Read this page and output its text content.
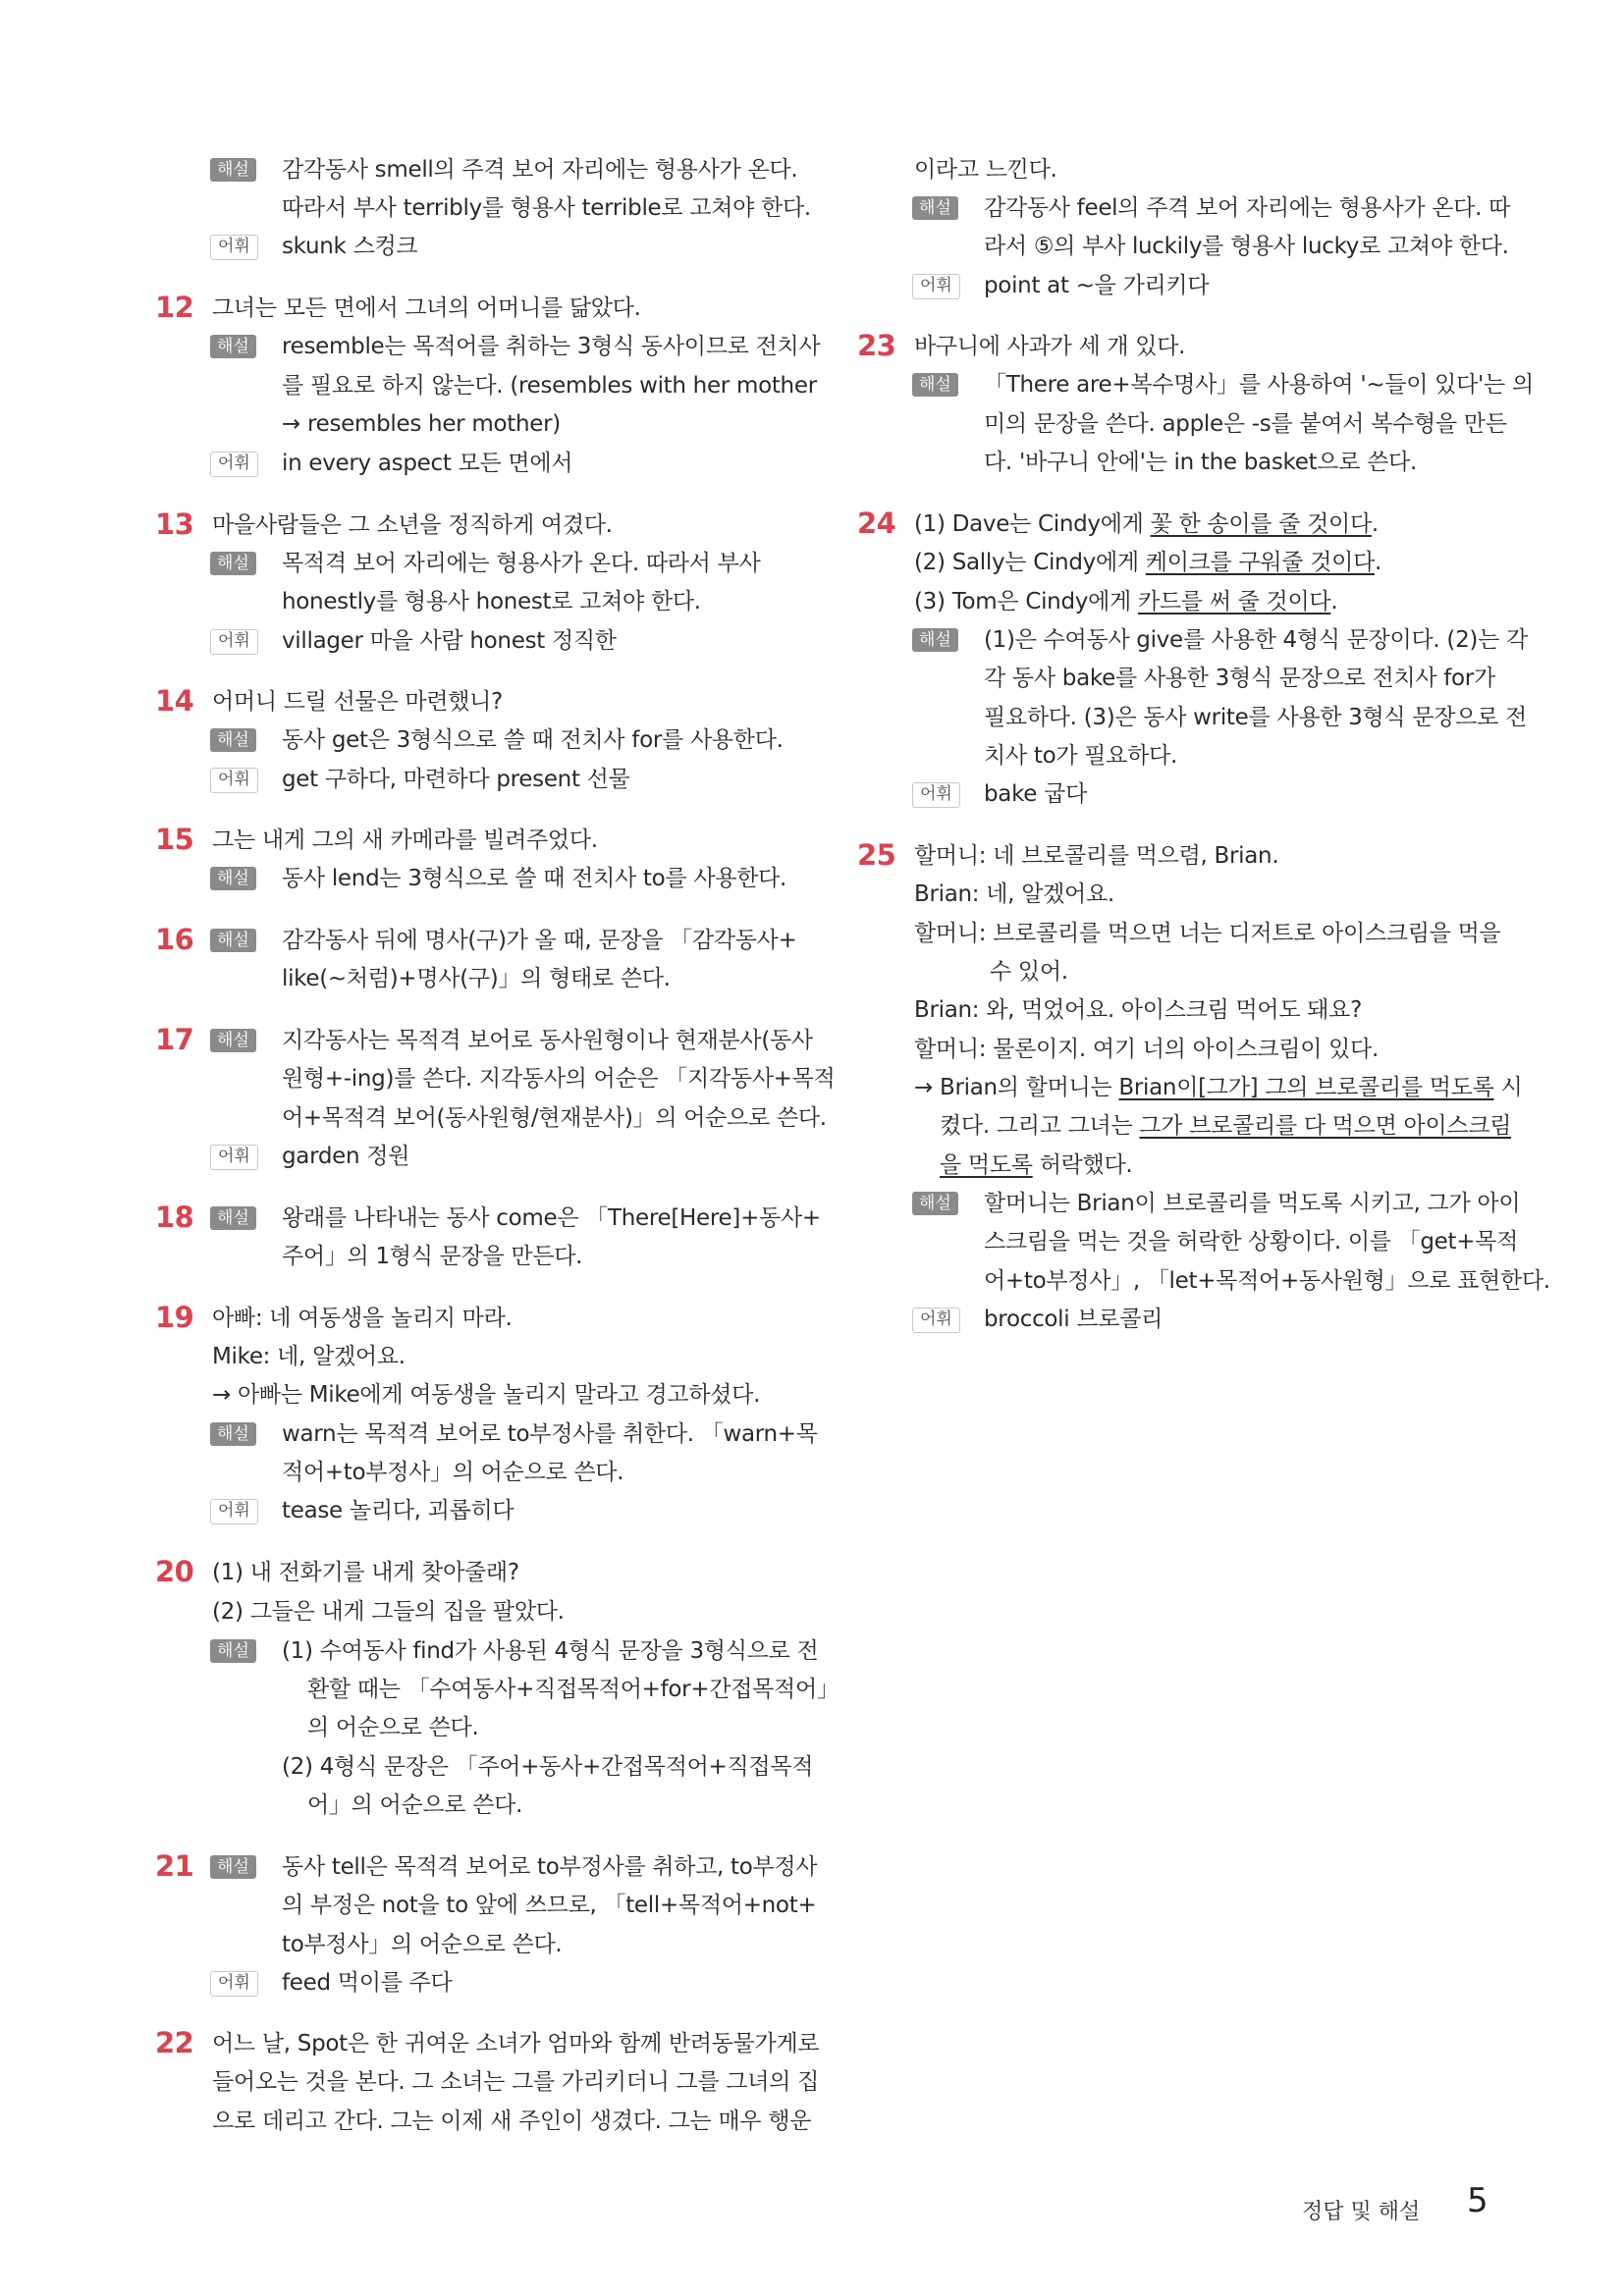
해설	감각동사 smell의 주격 보어 자리에는 형용사가 온다.
따라서 부사 terribly를 형용사 terrible로 고쳐야 한다.
어휘	skunk 스컹크
12 그녀는 모든 면에서 그녀의 어머니를 닮았다.
해설	resemble는 목적어를 취하는 3형식 동사이므로 전치사
를 필요로 하지 않는다. (resembles with her mother
→ resembles her mother)
어휘	in every aspect 모든 면에서
13 마을사람들은 그 소년을 정직하게 여겼다.
해설	목적격 보어 자리에는 형용사가 온다. 따라서 부사
honestly를 형용사 honest로 고쳐야 한다.
어휘	villager 마을 사람 honest 정직한
14 어머니 드릴 선물은 마련했니?
해설	동사 get은 3형식으로 쓸 때 전치사 for를 사용한다.
어휘	get 구하다, 마련하다 present 선물
15 그는 내게 그의 새 카메라를 빌려주었다.
해설	동사 lend는 3형식으로 쓸 때 전치사 to를 사용한다.
16	해설	감각동사 뒤에 명사(구)가 올 때, 문장을 「감각동사+
like(~처럼)+명사(구)」의 형태로 쓴다.
17	해설	지각동사는 목적격 보어로 동사원형이나 현재분사(동사
원형+-ing)를 쓴다. 지각동사의 어순은 「지각동사+목적
어+목적격 보어(동사원형/현재분사)」의 어순으로 쓴다.
어휘	garden 정원
18	해설	왕래를 나타내는 동사 come은 「There[Here]+동사+
주어」의 1형식 문장을 만든다.
19 아빠: 네 여동생을 놀리지 마라.
Mike: 네, 알겠어요.
→ 아빠는 Mike에게 여동생을 놀리지 말라고 경고하셨다.
해설	warn는 목적격 보어로 to부정사를 취한다. 「warn+목
적어+to부정사」의 어순으로 쓴다.
어휘	tease 놀리다, 괴롭히다
20 (1) 내 전화기를 내게 찾아줄래?
(2) 그들은 내게 그들의 집을 팔았다.
해설	(1) 수여동사 find가 사용된 4형식 문장을 3형식으로 전
환할 때는 「수여동사+직접목적어+for+간접목적어」
의 어순으로 쓴다.
(2) 4형식 문장은 「주어+동사+간접목적어+직접목적
어」의 어순으로 쓴다.
21	해설	동사 tell은 목적격 보어로 to부정사를 취하고, to부정사
의 부정은 not을 to 앞에 쓰므로, 「tell+목적어+not+
to부정사」의 어순으로 쓴다.
어휘	feed 먹이를 주다
22 어느 날, Spot은 한 귀여운 소녀가 엄마와 함께 반려동물가게로
들어오는 것을 본다. 그 소녀는 그를 가리키더니 그를 그녀의 집
으로 데리고 간다. 그는 이제 새 주인이 생겼다. 그는 매우 행운
이라고 느낀다.
해설	감각동사 feel의 주격 보어 자리에는 형용사가 온다. 따
라서 ⑤의 부사 luckily를 형용사 lucky로 고쳐야 한다.
어휘	point at ~을 가리키다
23 바구니에 사과가 세 개 있다.
해설	「There are+복수명사」를 사용하여 '~들이 있다'는 의
미의 문장을 쓴다. apple은 -s를 붙여서 복수형을 만든
다. '바구니 안에'는 in the basket으로 쓴다.
24 (1) Dave는 Cindy에게 꽃 한 송이를 줄 것이다.
(2) Sally는 Cindy에게 케이크를 구워줄 것이다.
(3) Tom은 Cindy에게 카드를 써 줄 것이다.
해설	(1)은 수여동사 give를 사용한 4형식 문장이다. (2)는 각
각 동사 bake를 사용한 3형식 문장으로 전치사 for가
필요하다. (3)은 동사 write를 사용한 3형식 문장으로 전
치사 to가 필요하다.
어휘	bake 굽다
25 할머니: 네 브로콜리를 먹으렴, Brian.
Brian: 네, 알겠어요.
할머니: 브로콜리를 먹으면 너는 디저트로 아이스크림을 먹을
수 있어.
Brian: 와, 먹었어요. 아이스크림 먹어도 돼요?
할머니: 물론이지. 여기 너의 아이스크림이 있다.
→ Brian의 할머니는 Brian이[그가] 그의 브로콜리를 먹도록 시
켰다. 그리고 그녀는 그가 브로콜리를 다 먹으면 아이스크림
을 먹도록 허락했다.
해설	할머니는 Brian이 브로콜리를 먹도록 시키고, 그가 아이
스크림을 먹는 것을 허락한 상황이다. 이를 「get+목적
어+to부정사」, 「let+목적어+동사원형」으로 표현한다.
어휘	broccoli 브로콜리
정답 및 해설 5
